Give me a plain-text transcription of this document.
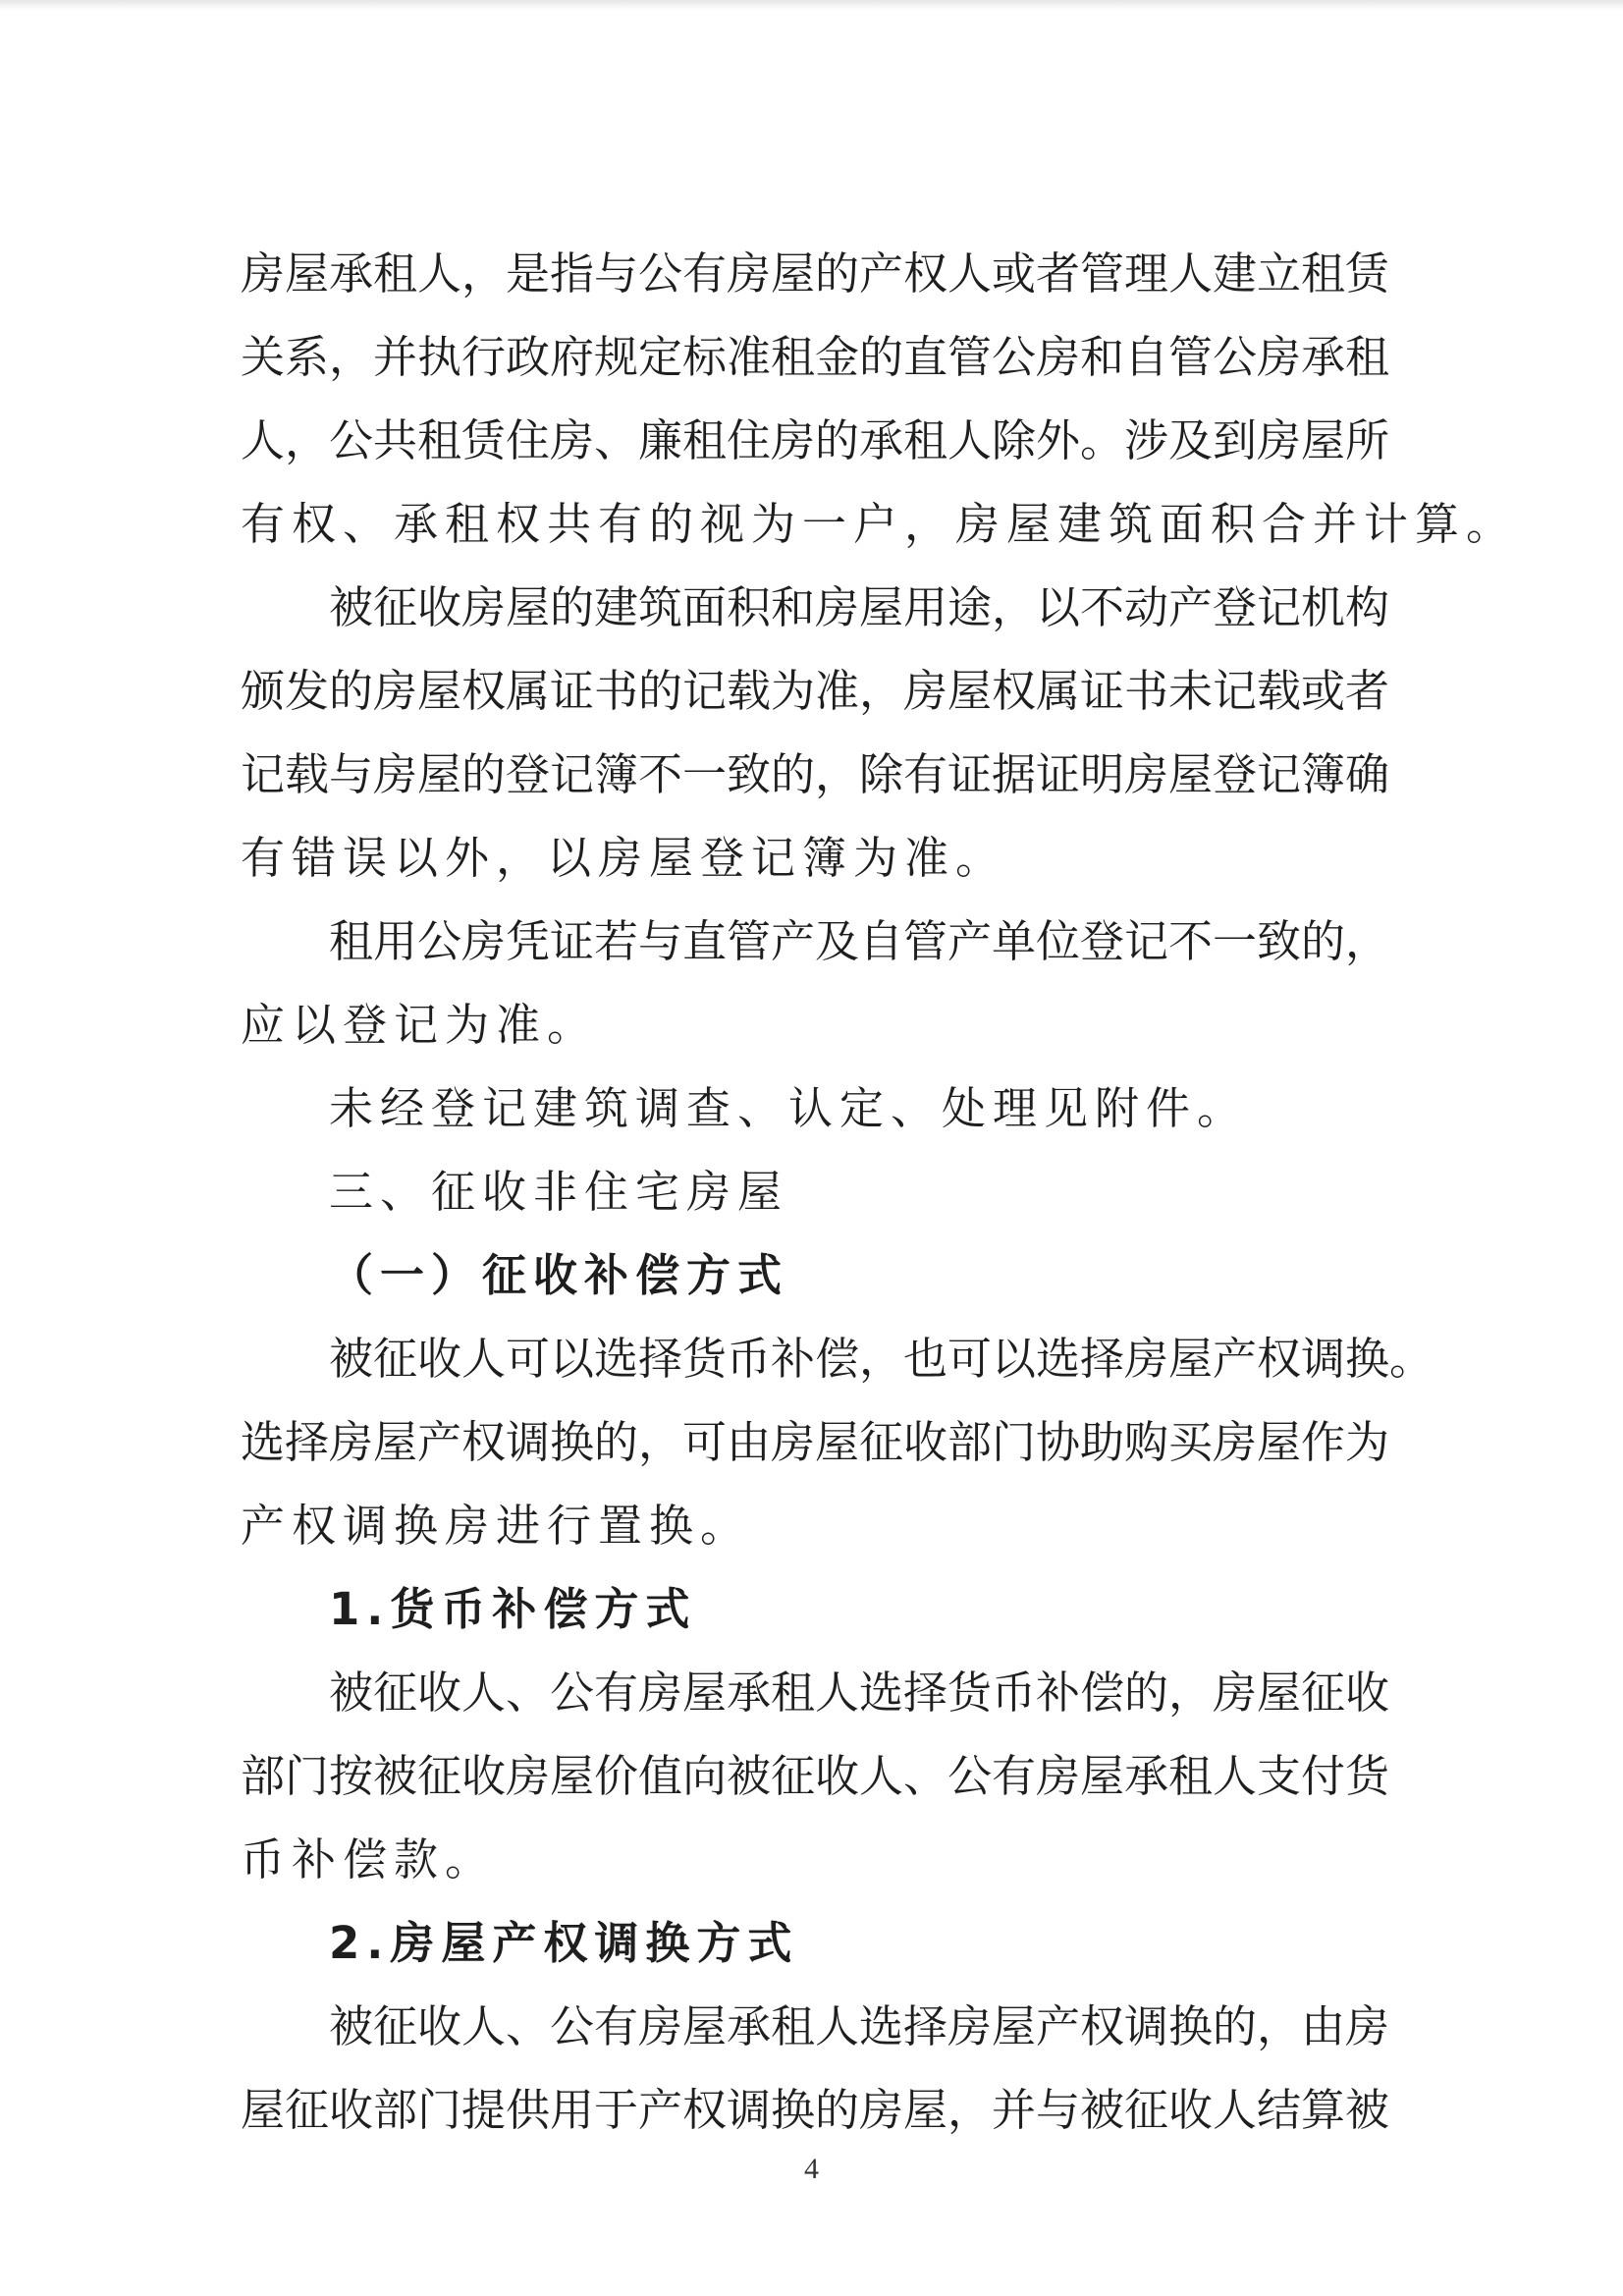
房屋承租人，是指与公有房屋的产权人或者管理人建立租赁
关系，并执行政府规定标准租金的直管公房和自管公房承租
人，公共租赁住房、廉租住房的承租人除外。涉及到房屋所
有权、承租权共有的视为一户，房屋建筑面积合并计算。
被征收房屋的建筑面积和房屋用途，以不动产登记机构
颁发的房屋权属证书的记载为准，房屋权属证书未记载或者
记载与房屋的登记簿不一致的，除有证据证明房屋登记簿确
有错误以外，以房屋登记簿为准。
租用公房凭证若与直管产及自管产单位登记不一致的，
应以登记为准。
未经登记建筑调查、认定、处理见附件。
三、征收非住宅房屋
（一）征收补偿方式
被征收人可以选择货币补偿，也可以选择房屋产权调换。
选择房屋产权调换的，可由房屋征收部门协助购买房屋作为
产权调换房进行置换。
1.货币补偿方式
被征收人、公有房屋承租人选择货币补偿的，房屋征收
部门按被征收房屋价值向被征收人、公有房屋承租人支付货
币补偿款。
2.房屋产权调换方式
被征收人、公有房屋承租人选择房屋产权调换的，由房
屋征收部门提供用于产权调换的房屋，并与被征收人结算被
4
